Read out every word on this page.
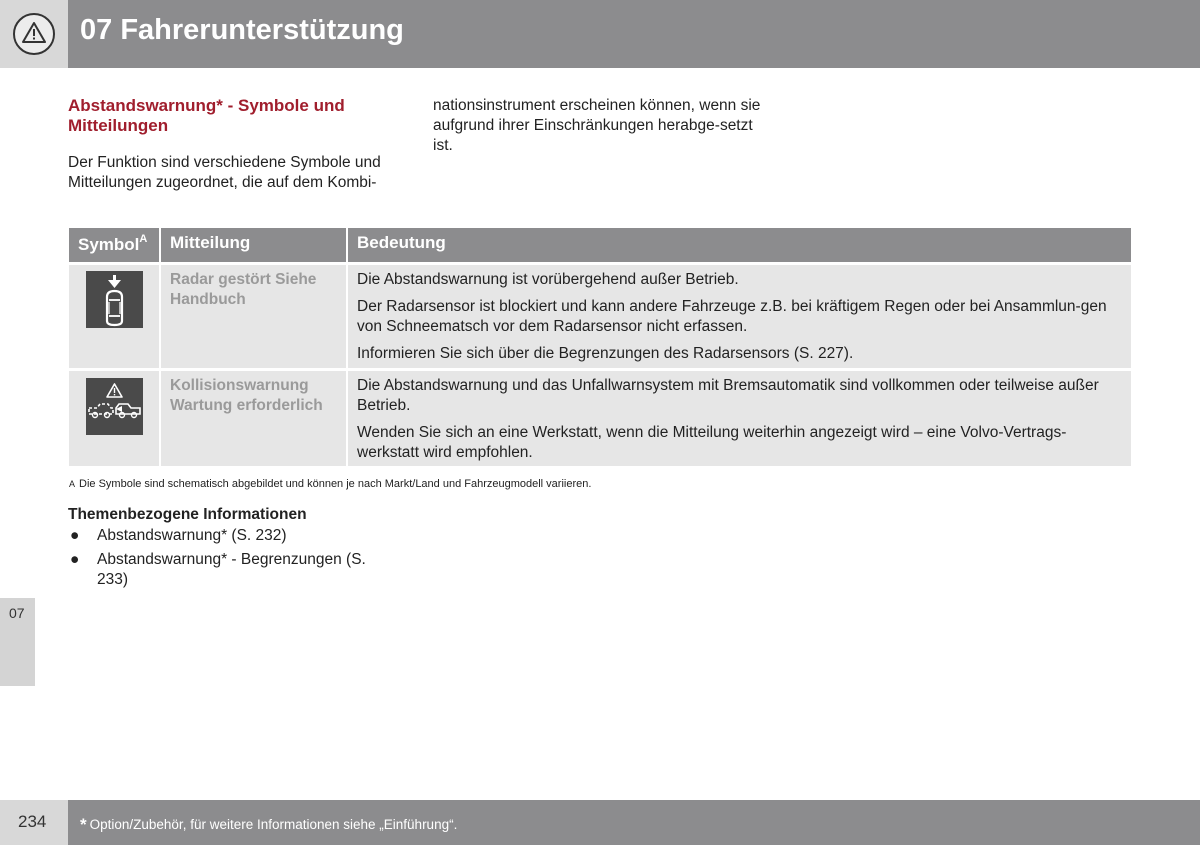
07 Fahrerunterstützung
07
Abstandswarnung* - Symbole und Mitteilungen

Der Funktion sind verschiedene Symbole und Mitteilungen zugeordnet, die auf dem Kombi-

nationsinstrument erscheinen können, wenn sie aufgrund ihrer Einschränkungen herabge-setzt ist.

Symbol$^A$	Mitteilung	Bedeutung
Radar gestört Siehe Handbuch

Die Abstandswarnung ist vorübergehend außer Betrieb.

Der Radarsensor ist blockiert und kann andere Fahrzeuge z.B. bei kräftigem Regen oder bei Ansammlun-gen von Schneematsch vor dem Radarsensor nicht erfassen.

Informieren Sie sich über die Begrenzungen des Radarsensors (S. 227).

Kollisionswarnung Wartung erforderlich

Die Abstandswarnung und das Unfallwarnsystem mit Bremsautomatik sind vollkommen oder teilweise außer Betrieb.

Wenden Sie sich an eine Werkstatt, wenn die Mitteilung weiterhin angezeigt wird – eine Volvo-Vertrags-werkstatt wird empfohlen.

A Die Symbole sind schematisch abgebildet und können je nach Markt/Land und Fahrzeugmodell variieren.
Themenbezogene Informationen
● Abstandswarnung* (S. 232)
● Abstandswarnung* - Begrenzungen (S. 233)
234 * Option/Zubehör, für weitere Informationen siehe „Einführung“.
